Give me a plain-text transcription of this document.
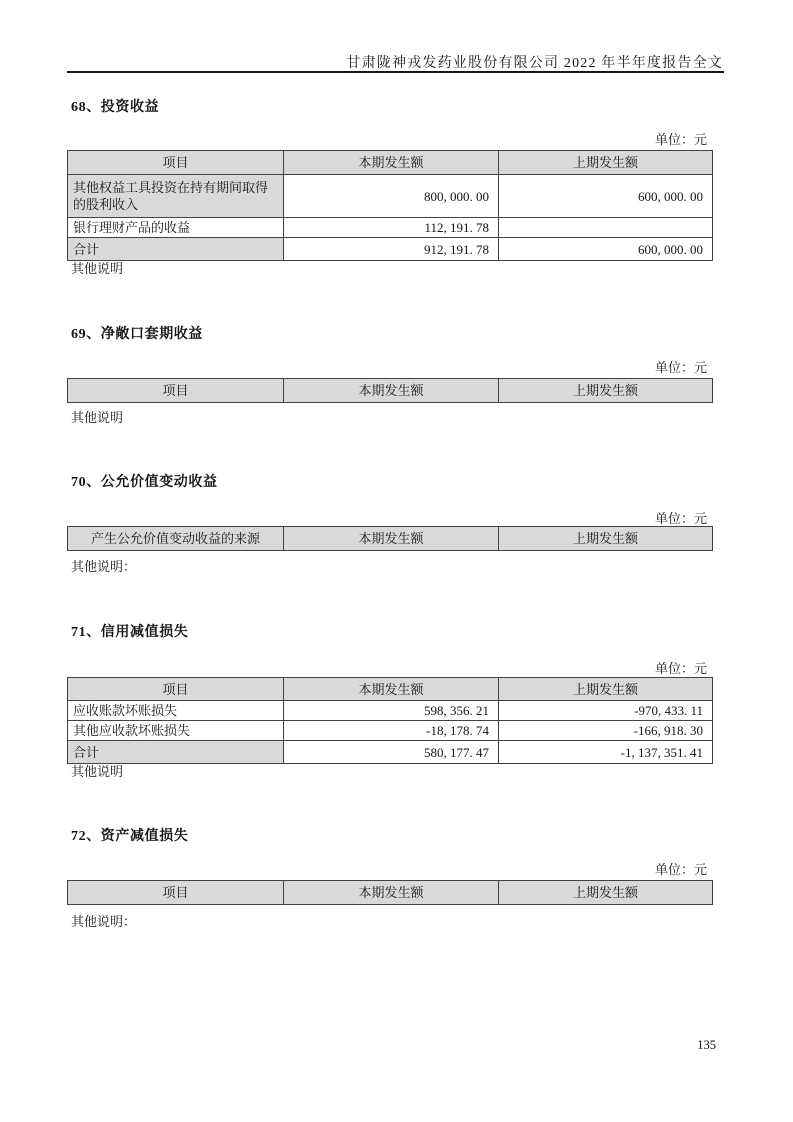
甘肃陇神戎发药业股份有限公司 2022 年半年度报告全文
68、投资收益
单位：元
项目	本期发生额	上期发生额
其他权益工具投资在持有期间取得的股利收入	800, 000. 00	600, 000. 00
银行理财产品的收益	112, 191. 78	
合计	912, 191. 78	600, 000. 00
其他说明
69、净敞口套期收益
单位：元
项目	本期发生额	上期发生额
其他说明
70、公允价值变动收益
单位：元
产生公允价值变动收益的来源	本期发生额	上期发生额
其他说明：
71、信用减值损失
单位：元
项目	本期发生额	上期发生额
应收账款坏账损失	598, 356. 21	-970, 433. 11
其他应收款坏账损失	-18, 178. 74	-166, 918. 30
合计	580, 177. 47	-1, 137, 351. 41
其他说明
72、资产减值损失
单位：元
项目	本期发生额	上期发生额
其他说明：
135
